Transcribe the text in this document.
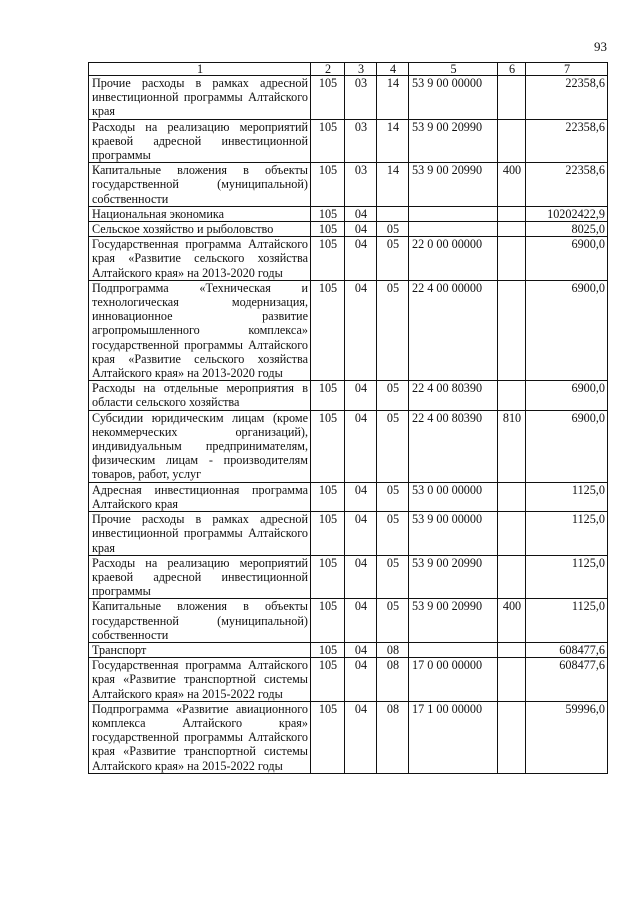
93
1	2	3	4	5	6	7
Прочие расходы в рамках адресной инвестиционной программы Алтайского края	105	03	14	53 9 00 00000		22358,6
Расходы на реализацию мероприятий краевой адресной инвестиционной программы	105	03	14	53 9 00 20990		22358,6
Капитальные вложения в объекты государственной (муниципальной) собственности	105	03	14	53 9 00 20990	400	22358,6
Национальная экономика	105	04				10202422,9
Сельское хозяйство и рыболовство	105	04	05			8025,0
Государственная программа Алтайского края «Развитие сельского хозяйства Алтайского края» на 2013-2020 годы	105	04	05	22 0 00 00000		6900,0
Подпрограмма «Техническая и технологическая модернизация, инновационное развитие агропромышленного комплекса» государственной программы Алтайского края «Развитие сельского хозяйства Алтайского края» на 2013-2020 годы	105	04	05	22 4 00 00000		6900,0
Расходы на отдельные мероприятия в области сельского хозяйства	105	04	05	22 4 00 80390		6900,0
Субсидии юридическим лицам (кроме некоммерческих организаций), индивидуальным предпринимателям, физическим лицам - производителям товаров, работ, услуг	105	04	05	22 4 00 80390	810	6900,0
Адресная инвестиционная программа Алтайского края	105	04	05	53 0 00 00000		1125,0
Прочие расходы в рамках адресной инвестиционной программы Алтайского края	105	04	05	53 9 00 00000		1125,0
Расходы на реализацию мероприятий краевой адресной инвестиционной программы	105	04	05	53 9 00 20990		1125,0
Капитальные вложения в объекты государственной (муниципальной) собственности	105	04	05	53 9 00 20990	400	1125,0
Транспорт	105	04	08			608477,6
Государственная программа Алтайского края «Развитие транспортной системы Алтайского края» на 2015-2022 годы	105	04	08	17 0 00 00000		608477,6
Подпрограмма «Развитие авиационного комплекса Алтайского края» государственной программы Алтайского края «Развитие транспортной системы Алтайского края» на 2015-2022 годы	105	04	08	17 1 00 00000		59996,0
